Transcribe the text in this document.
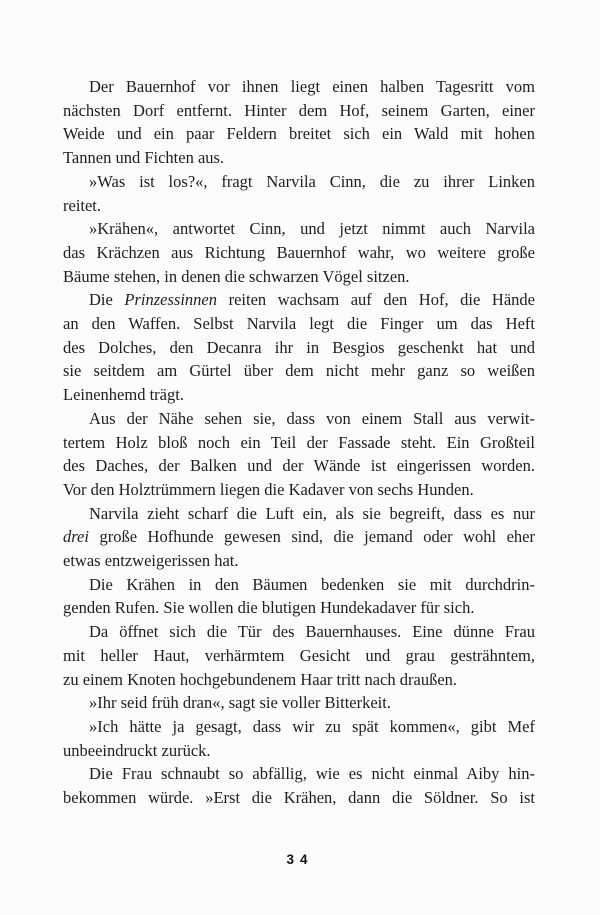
Der Bauernhof vor ihnen liegt einen halben Tagesritt vom
nächsten Dorf entfernt. Hinter dem Hof, seinem Garten, einer
Weide und ein paar Feldern breitet sich ein Wald mit hohen
Tannen und Fichten aus.
»Was ist los?«, fragt Narvila Cinn, die zu ihrer Linken
reitet.
»Krähen«, antwortet Cinn, und jetzt nimmt auch Narvila
das Krächzen aus Richtung Bauernhof wahr, wo weitere große
Bäume stehen, in denen die schwarzen Vögel sitzen.
Die Prinzessinnen reiten wachsam auf den Hof, die Hände
an den Waffen. Selbst Narvila legt die Finger um das Heft
des Dolches, den Decanra ihr in Besgios geschenkt hat und
sie seitdem am Gürtel über dem nicht mehr ganz so weißen
Leinenhemd trägt.
Aus der Nähe sehen sie, dass von einem Stall aus verwit-
tertem Holz bloß noch ein Teil der Fassade steht. Ein Großteil
des Daches, der Balken und der Wände ist eingerissen worden.
Vor den Holztrümmern liegen die Kadaver von sechs Hunden.
Narvila zieht scharf die Luft ein, als sie begreift, dass es nur
drei große Hofhunde gewesen sind, die jemand oder wohl eher
etwas entzweigerissen hat.
Die Krähen in den Bäumen bedenken sie mit durchdrin-
genden Rufen. Sie wollen die blutigen Hundekadaver für sich.
Da öffnet sich die Tür des Bauernhauses. Eine dünne Frau
mit heller Haut, verhärmtem Gesicht und grau gesträhntem,
zu einem Knoten hochgebundenem Haar tritt nach draußen.
»Ihr seid früh dran«, sagt sie voller Bitterkeit.
»Ich hätte ja gesagt, dass wir zu spät kommen«, gibt Mef
unbeeindruckt zurück.
Die Frau schnaubt so abfällig, wie es nicht einmal Aiby hin-
bekommen würde. »Erst die Krähen, dann die Söldner. So ist
34
